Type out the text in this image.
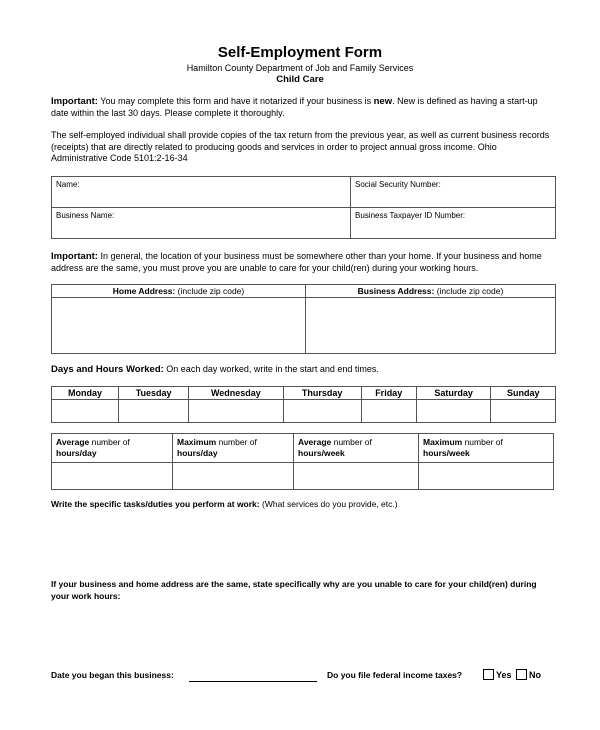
Self-Employment Form
Hamilton County Department of Job and Family Services
Child Care
Important: You may complete this form and have it notarized if your business is new. New is defined as having a start-up date within the last 30 days. Please complete it thoroughly.
The self-employed individual shall provide copies of the tax return from the previous year, as well as current business records (receipts) that are directly related to producing goods and services in order to project annual gross income. Ohio Administrative Code 5101:2-16-34
Name:	Social Security Number:
Business Name:	Business Taxpayer ID Number:
Important: In general, the location of your business must be somewhere other than your home. If your business and home address are the same, you must prove you are unable to care for your child(ren) during your working hours.
Home Address: (include zip code)	Business Address: (include zip code)

Days and Hours Worked: On each day worked, write in the start and end times.
Monday	Tuesday	Wednesday	Thursday	Friday	Saturday	Sunday

Average number of
hours/day	Maximum number of
hours/day	Average number of
hours/week	Maximum number of
hours/week

Write the specific tasks/duties you perform at work: (What services do you provide, etc.)
If your business and home address are the same, state specifically why are you unable to care for your child(ren) during your work hours:
Date you began this business:	Do you file federal income taxes?	Yes	No
